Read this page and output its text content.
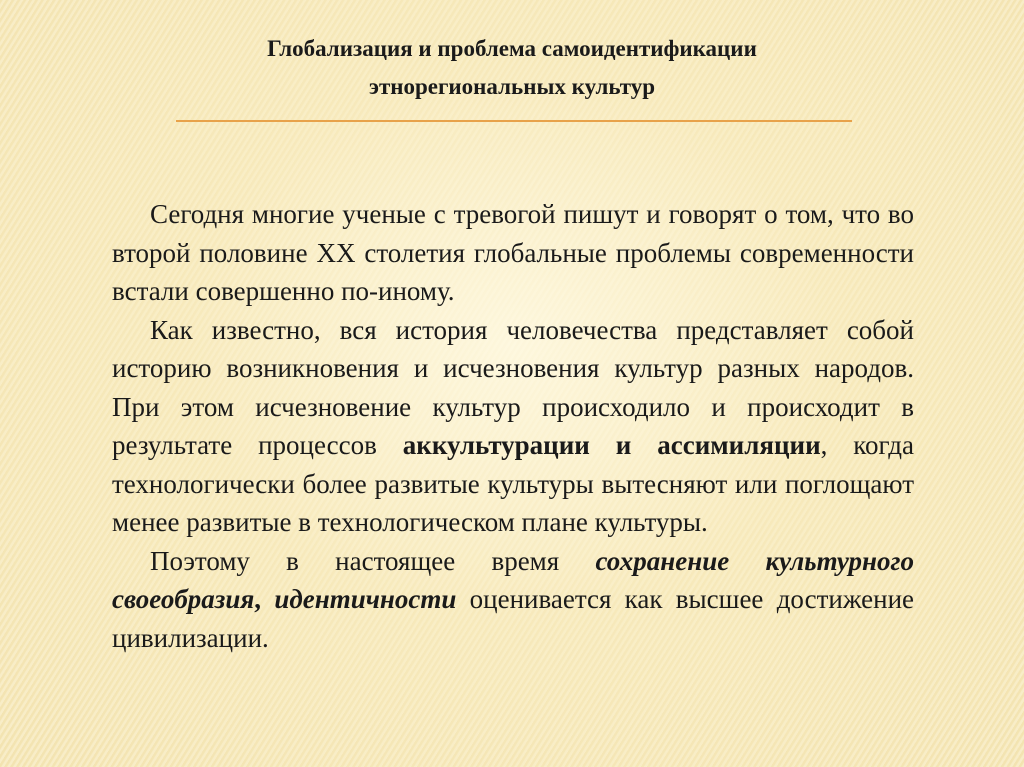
Глобализация и проблема самоидентификации
этнорегиональных культур

Сегодня многие ученые с тревогой пишут и говорят о том, что во второй половине XX столетия глобальные проблемы современности встали совершенно по-иному.

Как известно, вся история человечества представляет собой историю возникновения и исчезновения культур разных народов. При этом исчезновение культур происходило и происходит в результате процессов аккультурации и ассимиляции, когда технологически более развитые культуры вытесняют или поглощают менее развитые в технологическом плане культуры.

Поэтому в настоящее время сохранение культурного своеобразия, идентичности оценивается как высшее достижение цивилизации.
